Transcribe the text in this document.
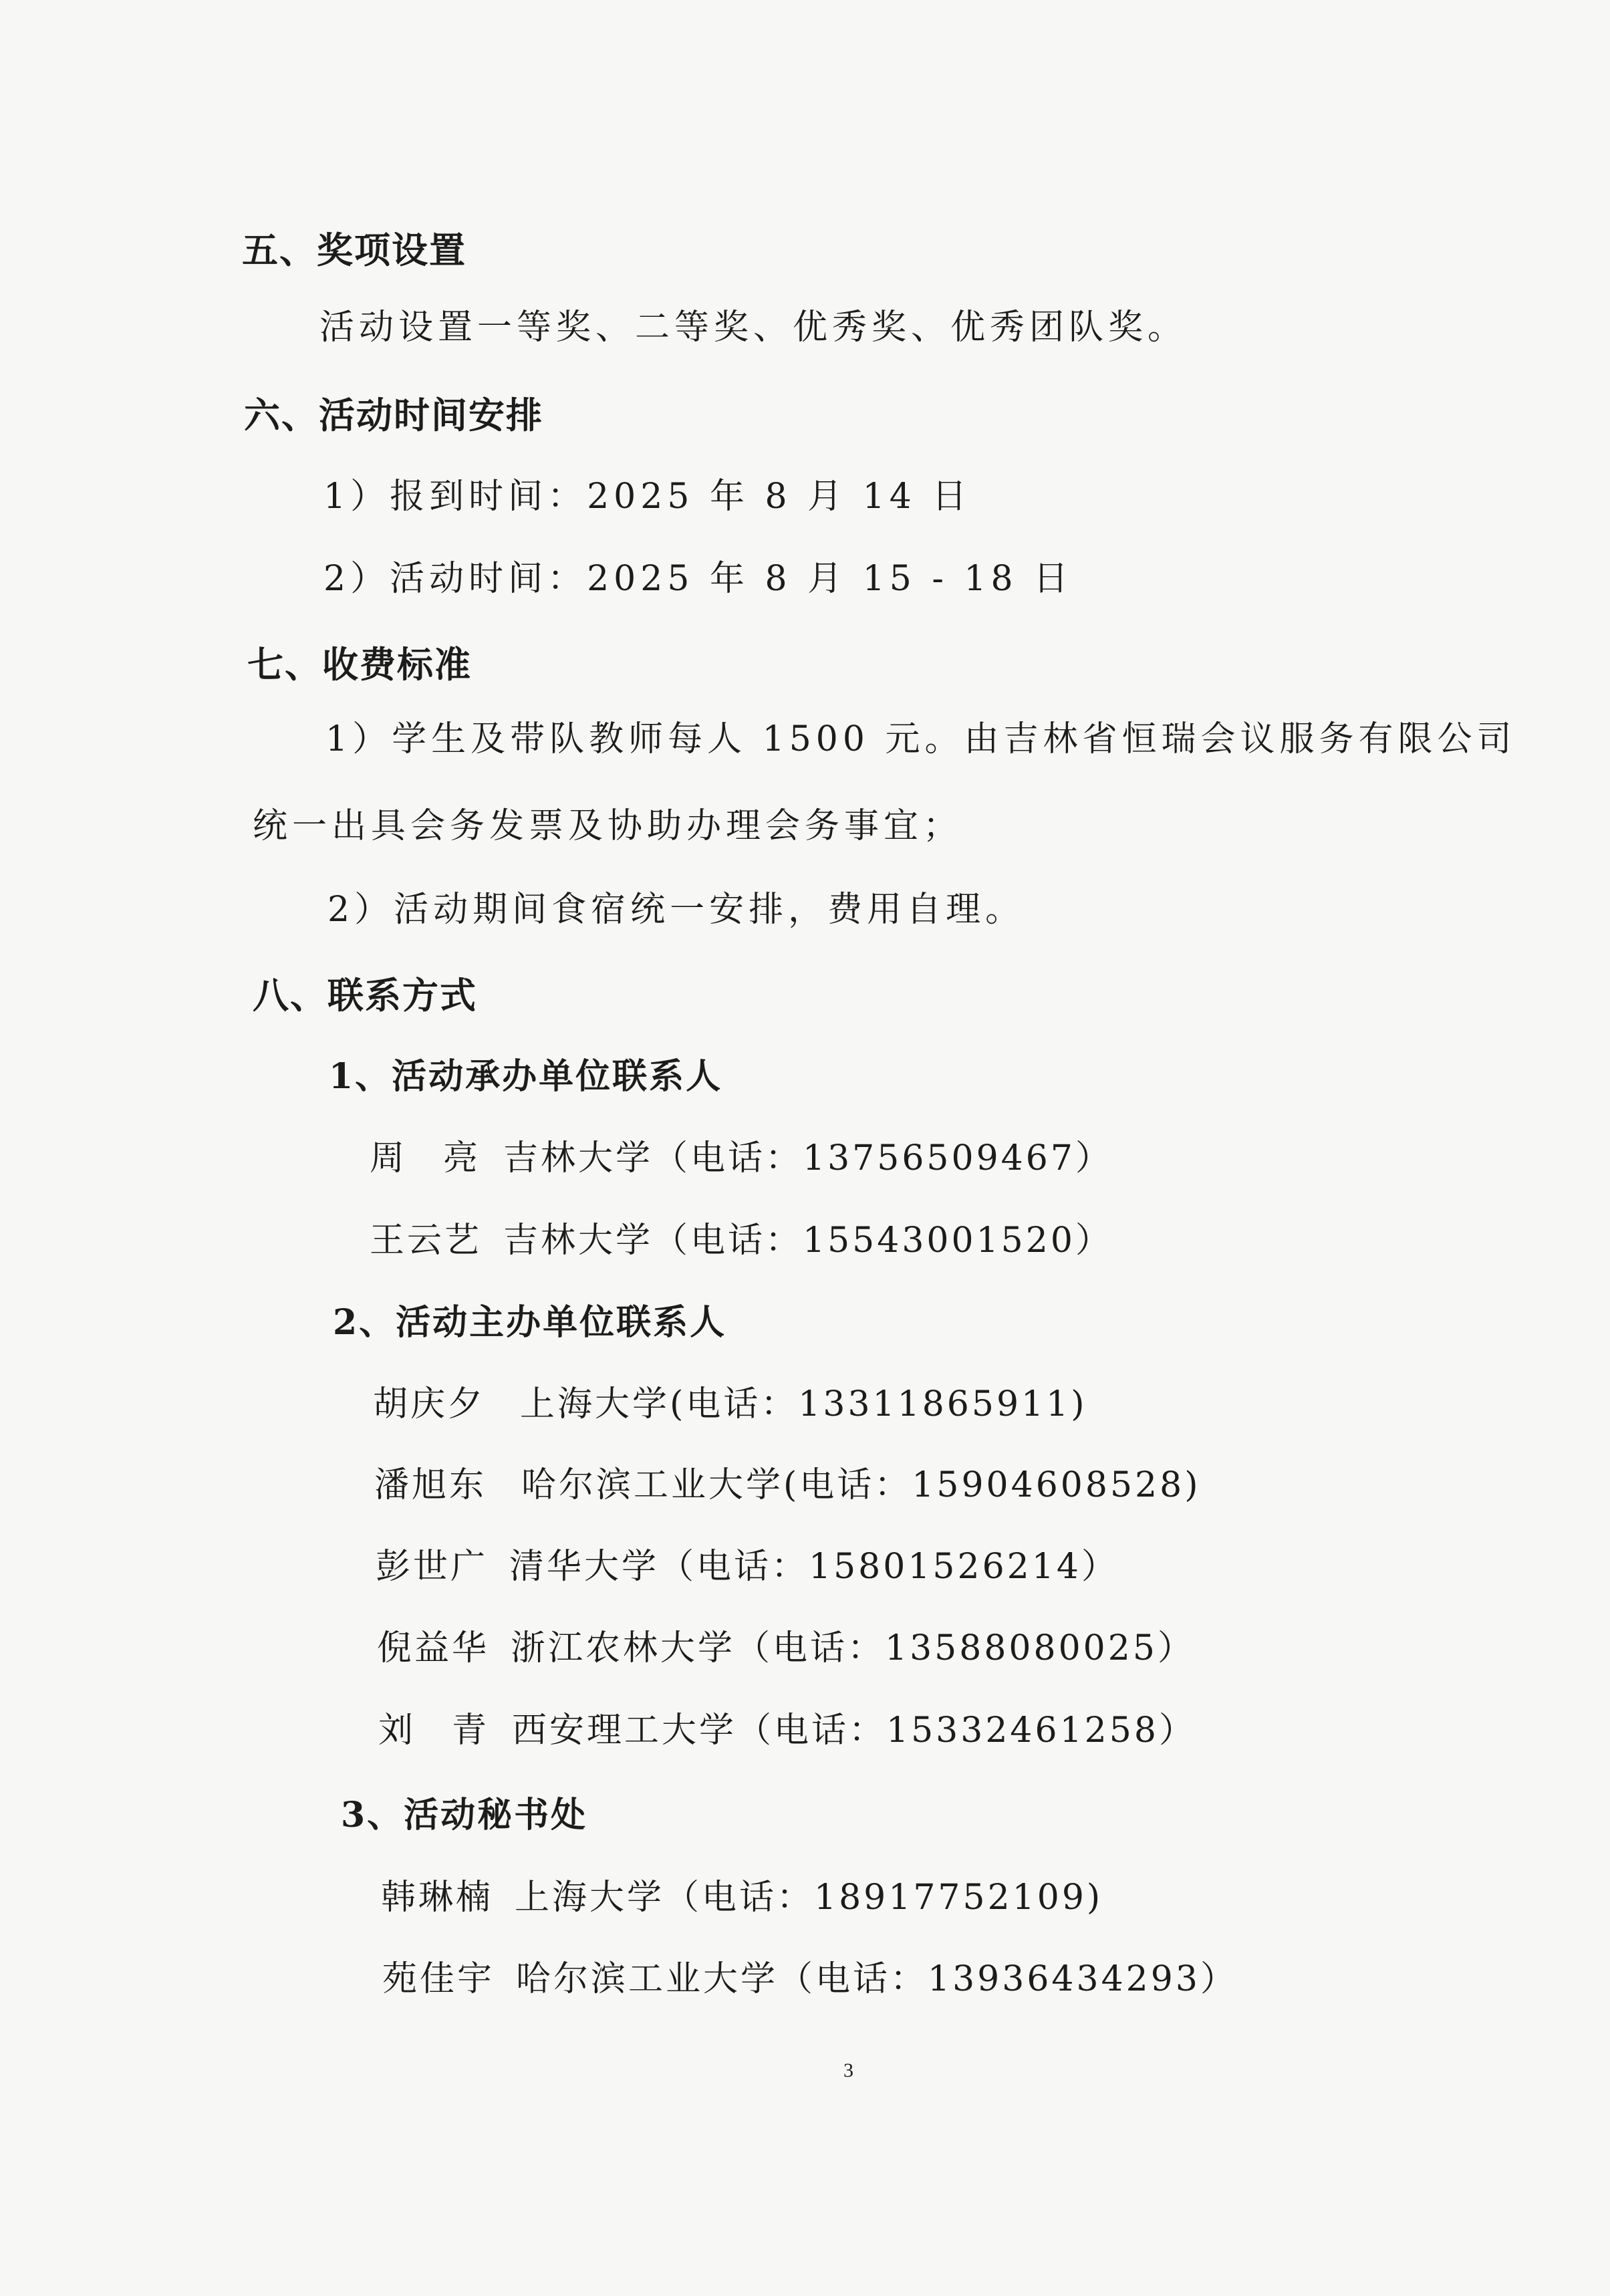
五、奖项设置
活动设置一等奖、二等奖、优秀奖、优秀团队奖。
六、活动时间安排
1）报到时间：2025 年 8 月 14 日
2）活动时间：2025 年 8 月 15 - 18 日
七、收费标准
1）学生及带队教师每人 1500 元。由吉林省恒瑞会议服务有限公司
统一出具会务发票及协助办理会务事宜；
2）活动期间食宿统一安排，费用自理。
八、联系方式
1、活动承办单位联系人
周亮吉林大学（电话：13756509467）
王云艺 吉林大学（电话：15543001520）
2、活动主办单位联系人
胡庆夕 上海大学(电话：13311865911)
潘旭东 哈尔滨工业大学(电话：15904608528)
彭世广 清华大学（电话：15801526214）
倪益华 浙江农林大学（电话：13588080025）
刘青西安理工大学（电话：15332461258）
3、活动秘书处
韩琳楠 上海大学（电话：18917752109)
苑佳宇 哈尔滨工业大学（电话：13936434293）
3
